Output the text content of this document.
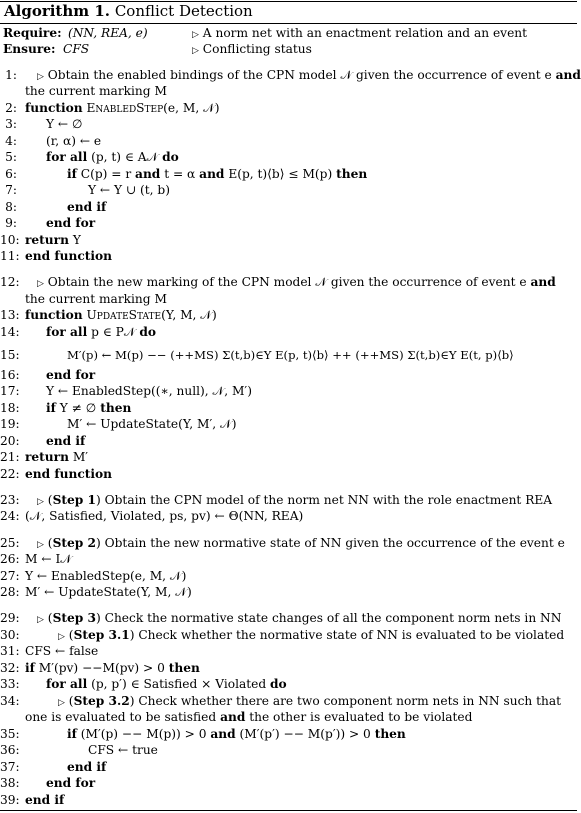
Algorithm 1. Conflict Detection
Require: (NN, REA, e)	▷ A norm net with an enactment relation and an event
Ensure: CFS	▷ Conflicting status
1: ▷ Obtain the enabled bindings of the CPN model 𝒩 given the occurrence of event e and
the current marking M
2: function EnabledStep(e, M, 𝒩)
3: Y ← ∅
4: (r, α) ← e
5: for all (p, t) ∈ A𝒩 do
6:	if C(p) = r and t = α and E(p, t)⟨b⟩ ≤ M(p) then
7:	Y ← Y ∪ (t, b)
8:	end if
9: end for
10: return Y
11: end function
12: ▷ Obtain the new marking of the CPN model 𝒩 given the occurrence of event e and
the current marking M
13: function UpdateState(Y, M, 𝒩)
14: for all p ∈ P𝒩 do
15:	M′(p) ← M(p) −− (++MS) Σ(t,b)∈Y E(p, t)⟨b⟩ ++ (++MS) Σ(t,b)∈Y E(t, p)⟨b⟩
16: end for
17: Y ← EnabledStep((∗, null), 𝒩, M′)
18: if Y ≠ ∅ then
19:	M′ ← UpdateState(Y, M′, 𝒩)
20: end if
21: return M′
22: end function
23: ▷ (Step 1) Obtain the CPN model of the norm net NN with the role enactment REA
24: (𝒩, Satisfied, Violated, ps, pv) ← Θ(NN, REA)
25: ▷ (Step 2) Obtain the new normative state of NN given the occurrence of the event e
26: M ← I𝒩
27: Y ← EnabledStep(e, M, 𝒩)
28: M′ ← UpdateState(Y, M, 𝒩)
29: ▷ (Step 3) Check the normative state changes of all the component norm nets in NN
30:	▷ (Step 3.1) Check whether the normative state of NN is evaluated to be violated
31: CFS ← false
32: if M′(pv) −−M(pv) > 0 then
33: for all (p, p′) ∈ Satisfied × Violated do
34:	▷ (Step 3.2) Check whether there are two component norm nets in NN such that
one is evaluated to be satisfied and the other is evaluated to be violated
35:	if (M′(p) −− M(p)) > 0 and (M′(p′) −− M(p′)) > 0 then
36:	CFS ← true
37:	end if
38: end for
39: end if
